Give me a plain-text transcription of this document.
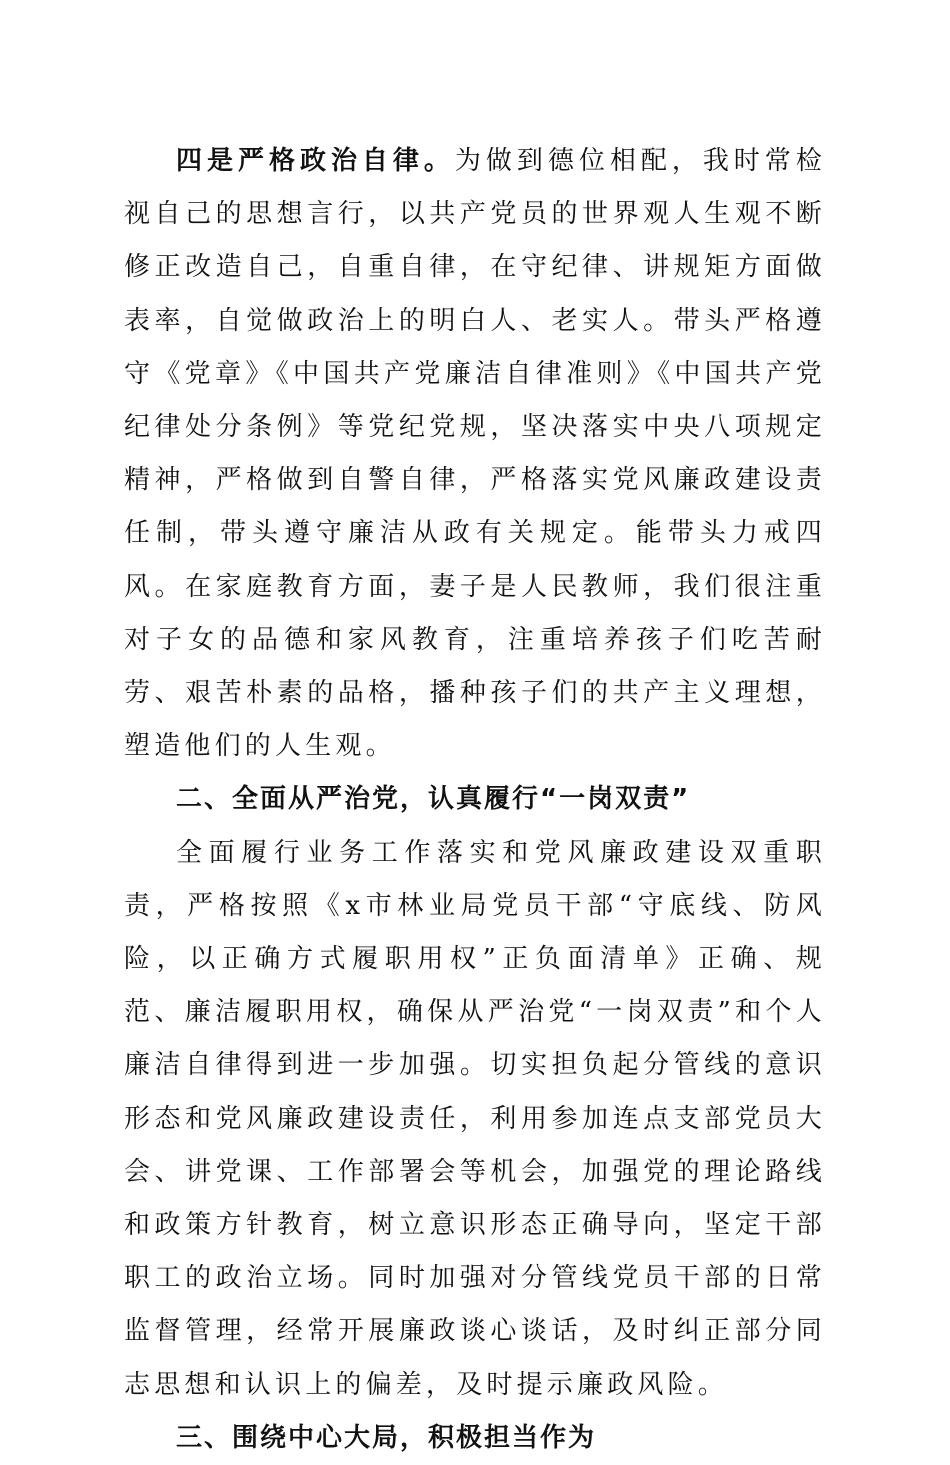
四是严格政治自律。为做到德位相配，我时常检视自己的思想言行，以共产党员的世界观人生观不断修正改造自己，自重自律，在守纪律、讲规矩方面做表率，自觉做政治上的明白人、老实人。带头严格遵守《党章》《中国共产党廉洁自律准则》《中国共产党纪律处分条例》等党纪党规，坚决落实中央八项规定精神，严格做到自警自律，严格落实党风廉政建设责任制，带头遵守廉洁从政有关规定。能带头力戒四风。在家庭教育方面，妻子是人民教师，我们很注重对子女的品德和家风教育，注重培养孩子们吃苦耐劳、艰苦朴素的品格，播种孩子们的共产主义理想，塑造他们的人生观。

二、全面从严治党，认真履行“一岗双责”

全面履行业务工作落实和党风廉政建设双重职责，严格按照《x市林业局党员干部“守底线、防风险，以正确方式履职用权”正负面清单》正确、规范、廉洁履职用权，确保从严治党“一岗双责”和个人廉洁自律得到进一步加强。切实担负起分管线的意识形态和党风廉政建设责任，利用参加连点支部党员大会、讲党课、工作部署会等机会，加强党的理论路线和政策方针教育，树立意识形态正确导向，坚定干部职工的政治立场。同时加强对分管线党员干部的日常监督管理，经常开展廉政谈心谈话，及时纠正部分同志思想和认识上的偏差，及时提示廉政风险。

三、围绕中心大局，积极担当作为
